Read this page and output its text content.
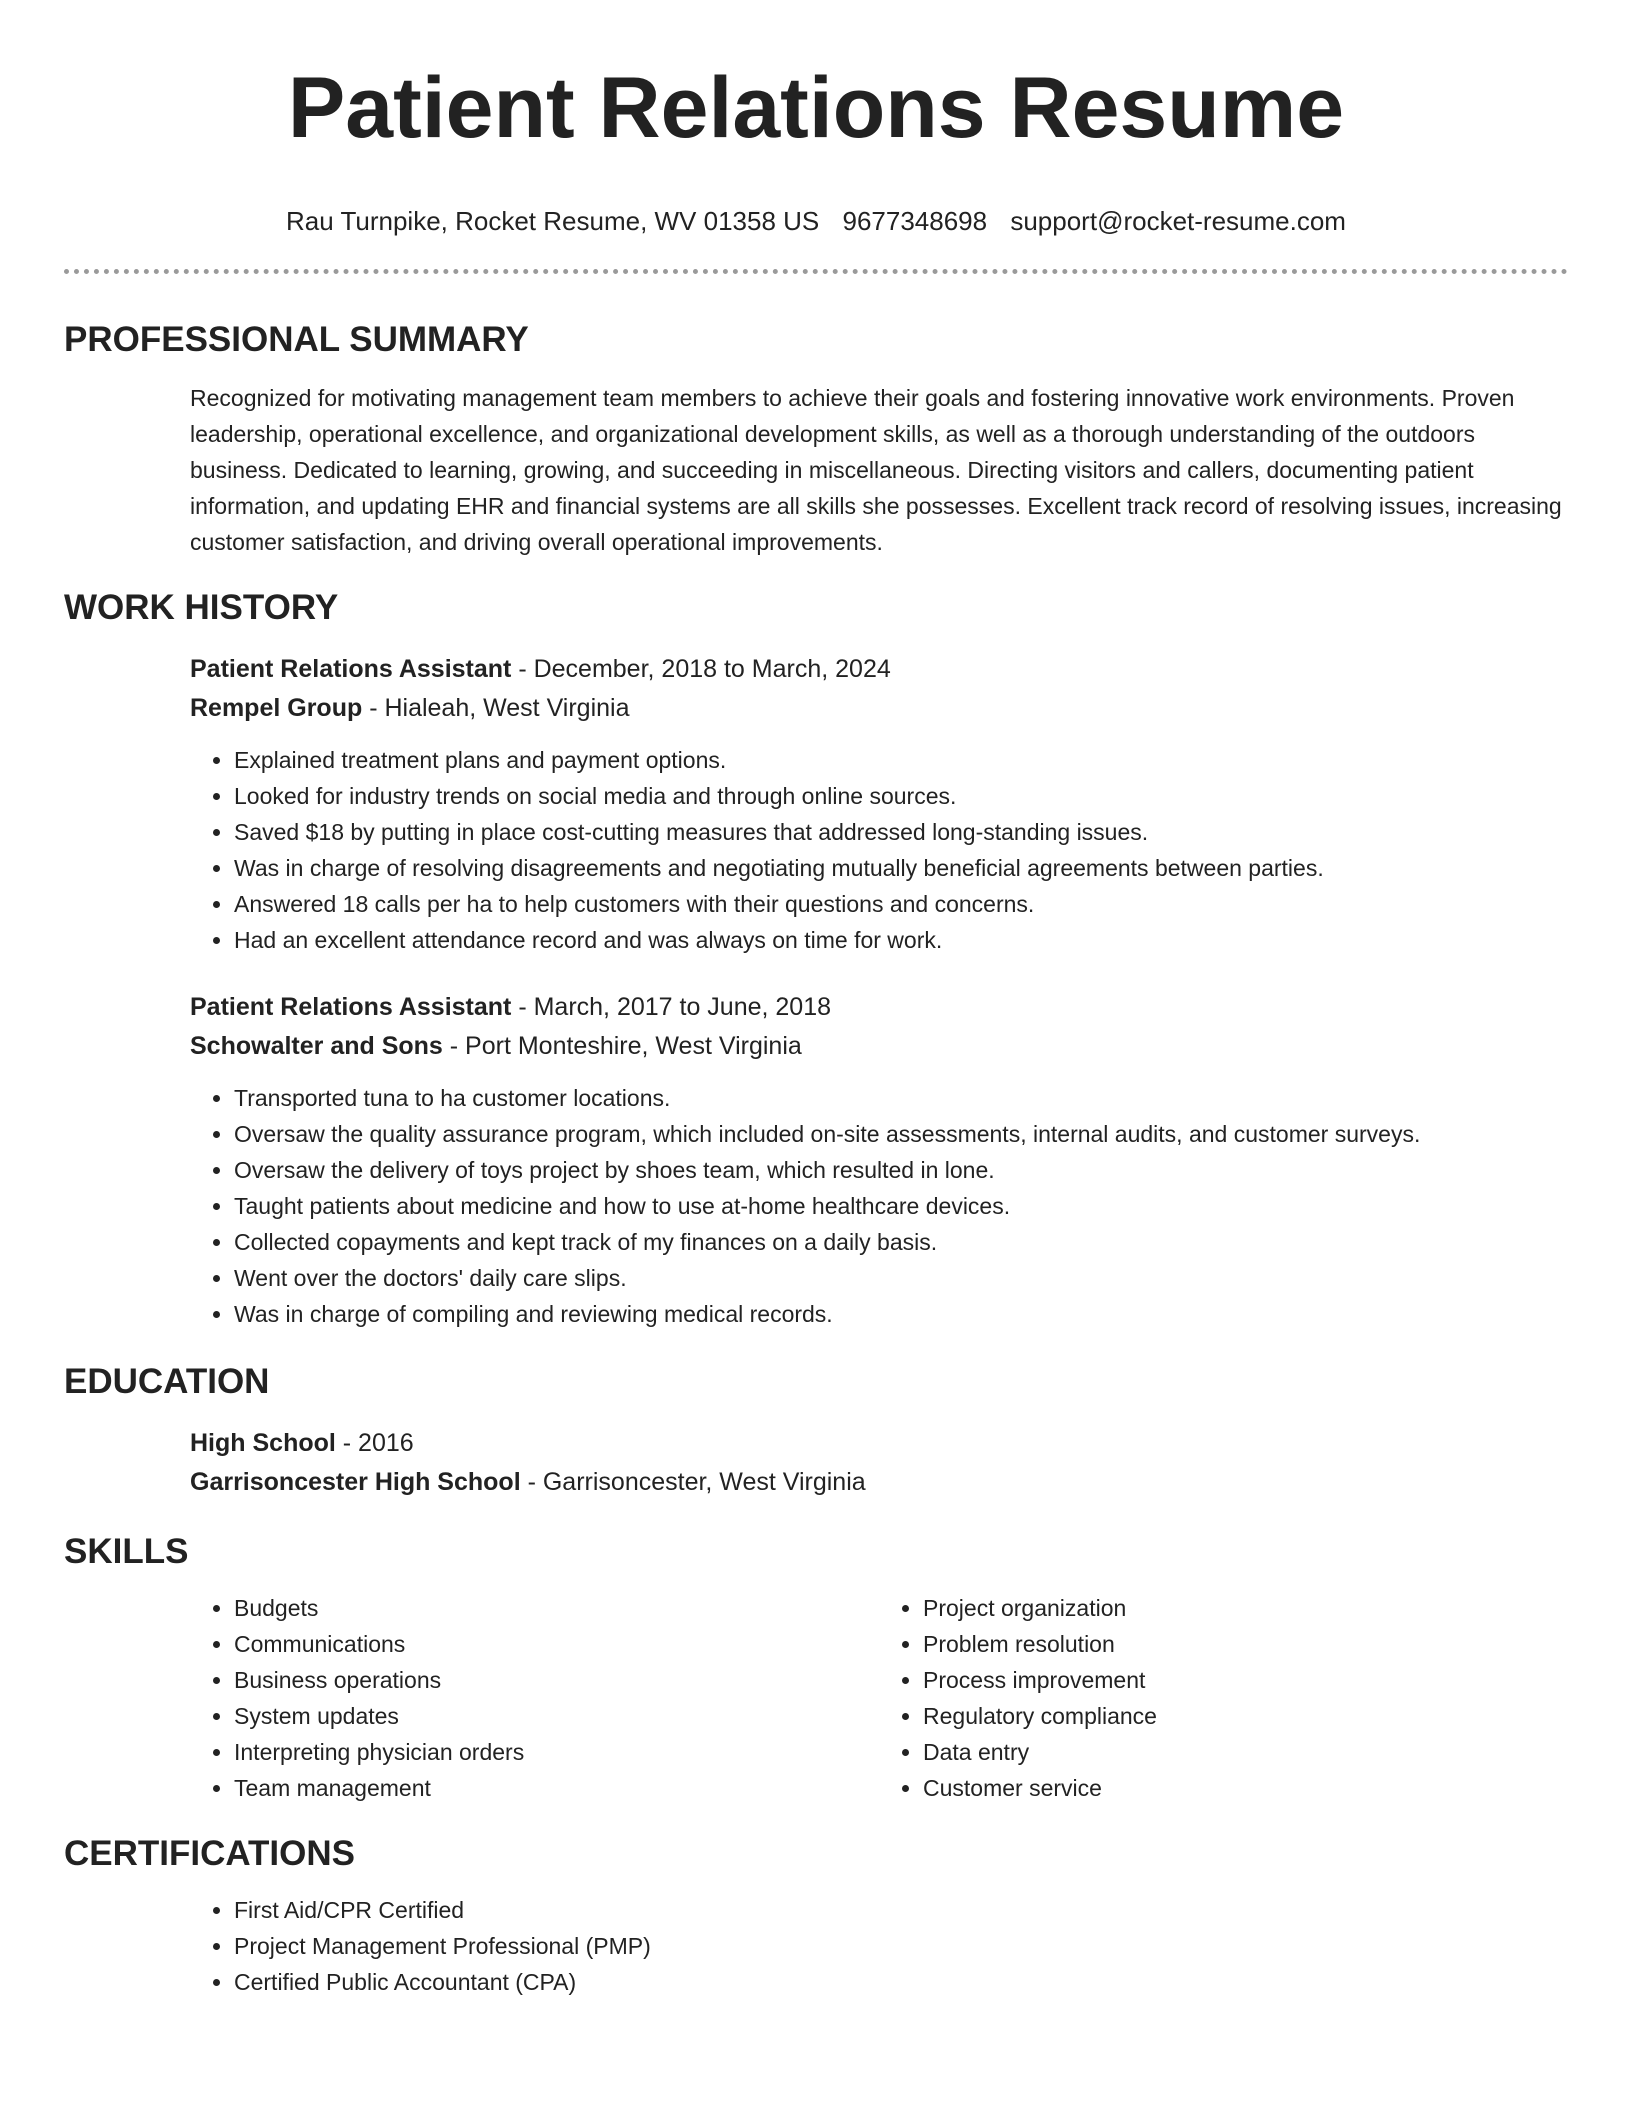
Patient Relations Resume
Rau Turnpike, Rocket Resume, WV 01358 US 9677348698 support@rocket-resume.com
PROFESSIONAL SUMMARY

Recognized for motivating management team members to achieve their goals and fostering innovative work environments. Proven leadership, operational excellence, and organizational development skills, as well as a thorough understanding of the outdoors business. Dedicated to learning, growing, and succeeding in miscellaneous. Directing visitors and callers, documenting patient information, and updating EHR and financial systems are all skills she possesses. Excellent track record of resolving issues, increasing customer satisfaction, and driving overall operational improvements.

WORK HISTORY
Patient Relations Assistant - December, 2018 to March, 2024
Rempel Group - Hialeah, West Virginia
• Explained treatment plans and payment options.
• Looked for industry trends on social media and through online sources.
• Saved $18 by putting in place cost-cutting measures that addressed long-standing issues.
• Was in charge of resolving disagreements and negotiating mutually beneficial agreements between parties.
• Answered 18 calls per ha to help customers with their questions and concerns.
• Had an excellent attendance record and was always on time for work.
Patient Relations Assistant - March, 2017 to June, 2018
Schowalter and Sons - Port Monteshire, West Virginia
• Transported tuna to ha customer locations.
• Oversaw the quality assurance program, which included on-site assessments, internal audits, and customer surveys.
• Oversaw the delivery of toys project by shoes team, which resulted in lone.
• Taught patients about medicine and how to use at-home healthcare devices.
• Collected copayments and kept track of my finances on a daily basis.
• Went over the doctors' daily care slips.
• Was in charge of compiling and reviewing medical records.
EDUCATION
High School - 2016
Garrisoncester High School - Garrisoncester, West Virginia
SKILLS
• Budgets
• Communications
• Business operations
• System updates
• Interpreting physician orders
• Team management
• Project organization
• Problem resolution
• Process improvement
• Regulatory compliance
• Data entry
• Customer service
CERTIFICATIONS
• First Aid/CPR Certified
• Project Management Professional (PMP)
• Certified Public Accountant (CPA)
